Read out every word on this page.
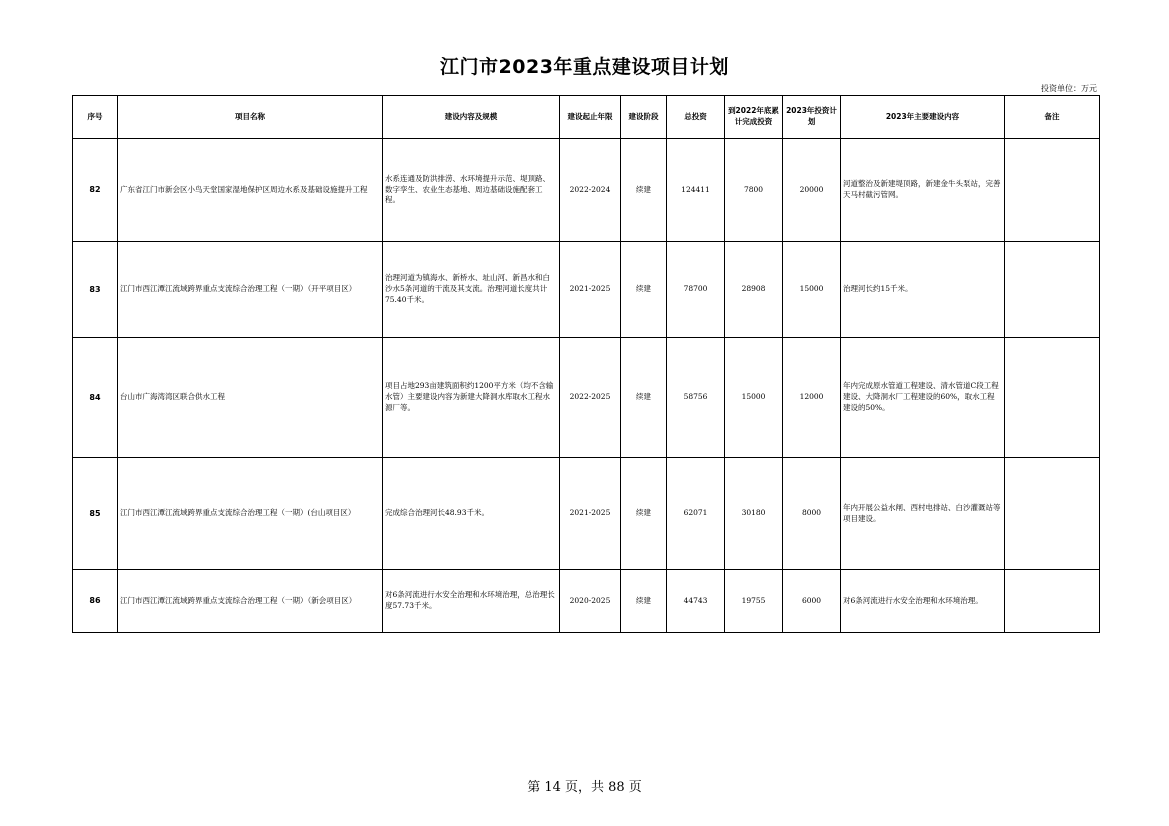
江门市2023年重点建设项目计划
投资单位：万元
序号	项目名称	建设内容及规模	建设起止年限	建设阶段	总投资	到2022年底累计完成投资	2023年投资计划	2023年主要建设内容	备注
82	广东省江门市新会区小鸟天堂国家湿地保护区周边水系及基础设施提升工程	水系连通及防洪排涝、水环境提升示范、堤顶路、数字孪生、农业生态基地、周边基础设施配套工程。	2022-2024	续建	124411	7800	20000	河道整治及新建堤顶路，新建金牛头泵站，完善天马村截污管网。	
83	江门市西江潭江流域跨界重点支流综合治理工程（一期）（开平项目区）	治理河道为镇海水、新桥水、址山河、新昌水和白沙水5条河道的干流及其支流。治理河道长度共计75.40千米。	2021-2025	续建	78700	28908	15000	治理河长约15千米。	
84	台山市广海湾湾区联合供水工程	项目占地293亩建筑面积约1200平方米（均不含输水管）主要建设内容为新建大降洞水库取水工程水源厂等。	2022-2025	续建	58756	15000	12000	年内完成原水管道工程建设、清水管道C段工程建设、大降洞水厂工程建设的60%，取水工程建设的50%。	
85	江门市西江潭江流域跨界重点支流综合治理工程（一期）(台山项目区）	完成综合治理河长48.93千米。	2021-2025	续建	62071	30180	8000	年内开展公益水闸、西村电排站、白沙灌溉站等项目建设。	
86	江门市西江潭江流域跨界重点支流综合治理工程（一期）（新会项目区）	对6条河流进行水安全治理和水环境治理，总治理长度57.73千米。	2020-2025	续建	44743	19755	6000	对6条河流进行水安全治理和水环境治理。	
第 14 页，共 88 页
